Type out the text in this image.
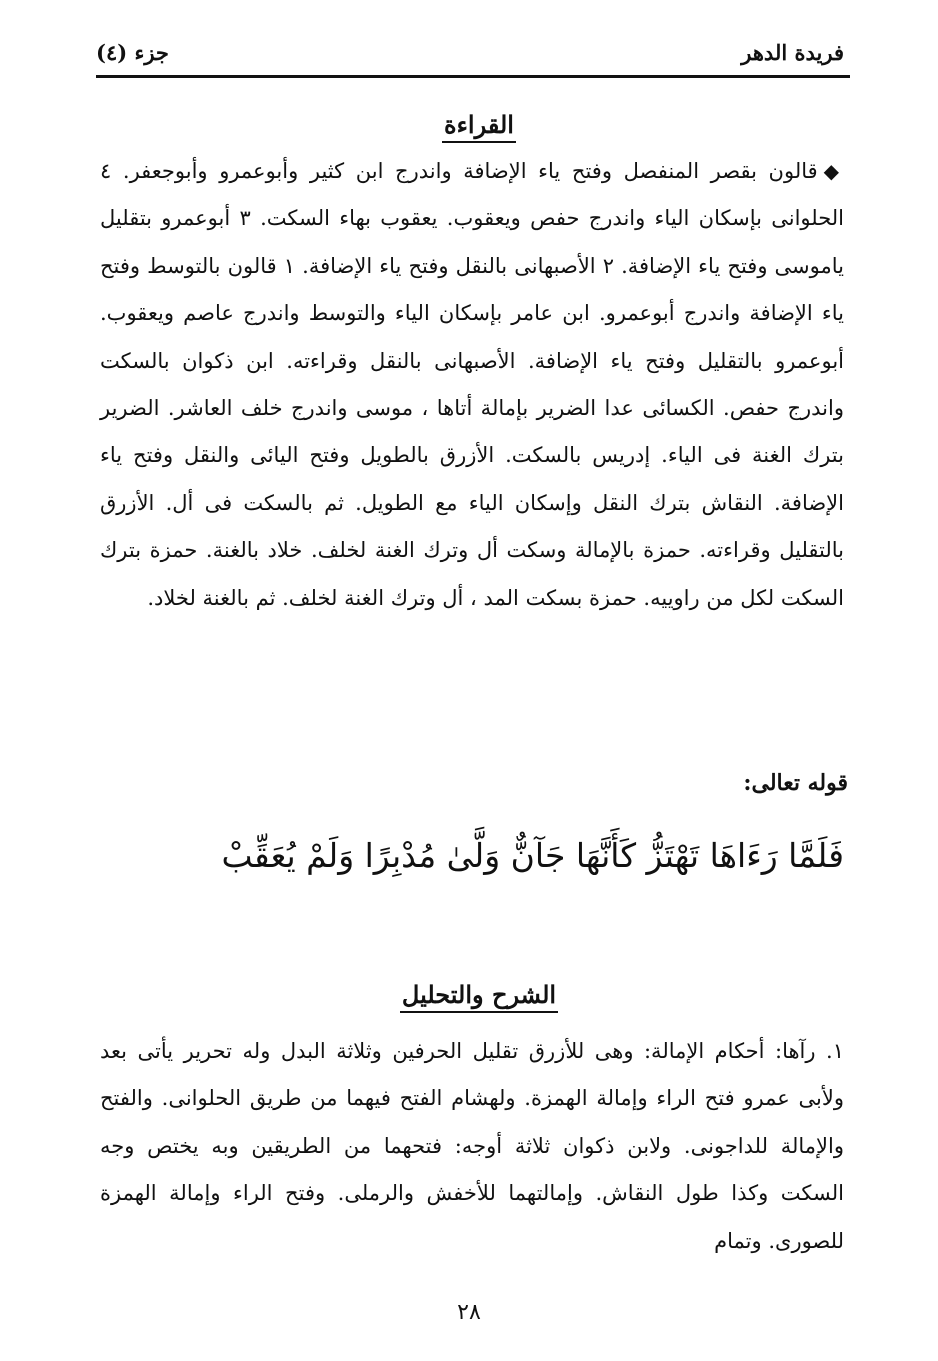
فريدة الدهر
جزء (٤)
القراءة
◆قالون بقصر المنفصل وفتح ياء الإضافة واندرج ابن كثير وأبوعمرو وأبوجعفر. ٤ الحلوانى بإسكان الياء واندرج حفص ويعقوب. يعقوب بهاء السكت. ٣ أبوعمرو بتقليل ياموسى وفتح ياء الإضافة. ٢ الأصبهانى بالنقل وفتح ياء الإضافة. ١ قالون بالتوسط وفتح ياء الإضافة واندرج أبوعمرو. ابن عامر بإسكان الياء والتوسط واندرج عاصم ويعقوب. أبوعمرو بالتقليل وفتح ياء الإضافة. الأصبهانى بالنقل وقراءته. ابن ذكوان بالسكت واندرج حفص. الكسائى عدا الضرير بإمالة أتاها ، موسى واندرج خلف العاشر. الضرير بترك الغنة فى الياء. إدريس بالسكت. الأزرق بالطويل وفتح اليائى والنقل وفتح ياء الإضافة. النقاش بترك النقل وإسكان الياء مع الطويل. ثم بالسكت فى أل. الأزرق بالتقليل وقراءته. حمزة بالإمالة وسكت أل وترك الغنة لخلف. خلاد بالغنة. حمزة بترك السكت لكل من راوييه. حمزة بسكت المد ، أل وترك الغنة لخلف. ثم بالغنة لخلاد.
قوله تعالى:
فَلَمَّا رَءَاهَا تَهْتَزُّ كَأَنَّهَا جَآنٌّ وَلَّىٰ مُدْبِرًا وَلَمْ يُعَقِّبْ
الشرح والتحليل
١. رآها: أحكام الإمالة: وهى للأزرق تقليل الحرفين وثلاثة البدل وله تحرير يأتى بعد ولأبى عمرو فتح الراء وإمالة الهمزة. ولهشام الفتح فيهما من طريق الحلوانى. والفتح والإمالة للداجونى. ولابن ذكوان ثلاثة أوجه: فتحهما من الطريقين وبه يختص وجه السكت وكذا طول النقاش. وإمالتهما للأخفش والرملى. وفتح الراء وإمالة الهمزة للصورى. وتمام
٢٨
